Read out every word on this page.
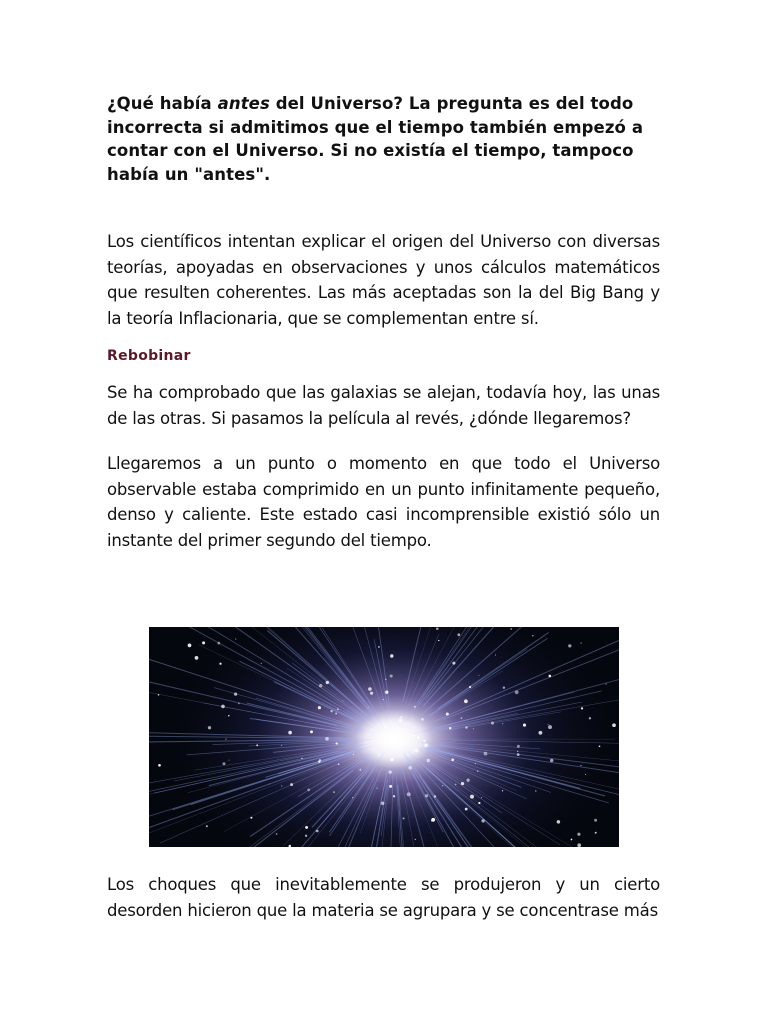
¿Qué había antes del Universo? La pregunta es del todo incorrecta si admitimos que el tiempo también empezó a contar con el Universo. Si no existía el tiempo, tampoco había un "antes".

Los científicos intentan explicar el origen del Universo con diversas teorías, apoyadas en observaciones y unos cálculos matemáticos que resulten coherentes. Las más aceptadas son la del Big Bang y la teoría Inflacionaria, que se complementan entre sí.

Rebobinar

Se ha comprobado que las galaxias se alejan, todavía hoy, las unas de las otras. Si pasamos la película al revés, ¿dónde llegaremos?

Llegaremos a un punto o momento en que todo el Universo observable estaba comprimido en un punto infinitamente pequeño, denso y caliente. Este estado casi incomprensible existió sólo un instante del primer segundo del tiempo.

Los choques que inevitablemente se produjeron y un cierto desorden hicieron que la materia se agrupara y se concentrase más
